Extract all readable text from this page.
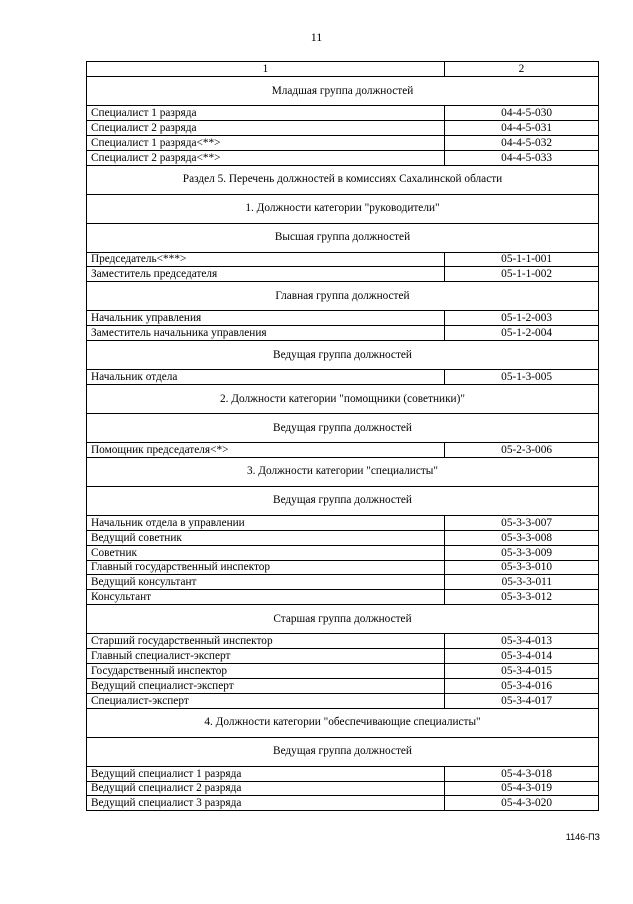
11
1	2
Младшая группа должностей	
Специалист 1 разряда	04-4-5-030
Специалист 2 разряда	04-4-5-031
Специалист 1 разряда<**>	04-4-5-032
Специалист 2 разряда<**>	04-4-5-033
Раздел 5. Перечень должностей в комиссиях Сахалинской области	
1. Должности категории "руководители"	
Высшая группа должностей	
Председатель<***>	05-1-1-001
Заместитель председателя	05-1-1-002
Главная группа должностей	
Начальник управления	05-1-2-003
Заместитель начальника управления	05-1-2-004
Ведущая группа должностей	
Начальник отдела	05-1-3-005
2. Должности категории "помощники (советники)"	
Ведущая группа должностей	
Помощник председателя<*>	05-2-3-006
3. Должности категории "специалисты"	
Ведущая группа должностей	
Начальник отдела в управлении	05-3-3-007
Ведущий советник	05-3-3-008
Советник	05-3-3-009
Главный государственный инспектор	05-3-3-010
Ведущий консультант	05-3-3-011
Консультант	05-3-3-012
Старшая группа должностей	
Старший государственный инспектор	05-3-4-013
Главный специалист-эксперт	05-3-4-014
Государственный инспектор	05-3-4-015
Ведущий специалист-эксперт	05-3-4-016
Специалист-эксперт	05-3-4-017
4. Должности категории "обеспечивающие специалисты"	
Ведущая группа должностей	
Ведущий специалист 1 разряда	05-4-3-018
Ведущий специалист 2 разряда	05-4-3-019
Ведущий специалист 3 разряда	05-4-3-020
1146-ПЗ
